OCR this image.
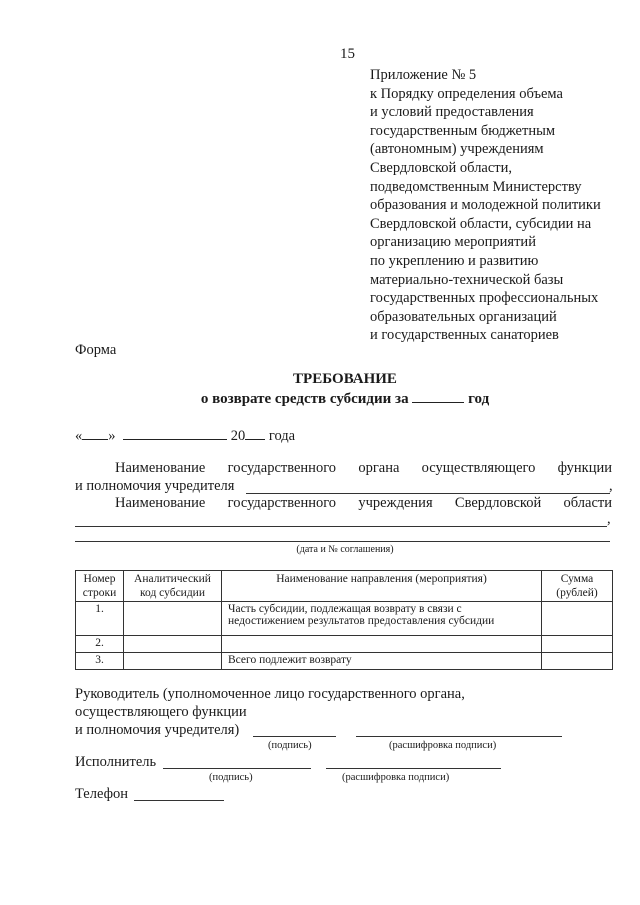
15
Приложение № 5
к Порядку определения объема
и условий предоставления
государственным бюджетным
(автономным) учреждениям
Свердловской области,
подведомственным Министерству
образования и молодежной политики
Свердловской области, субсидии на
организацию мероприятий
по укреплению и развитию
материально-технической базы
государственных профессиональных
образовательных организаций
и государственных санаториев
Форма
ТРЕБОВАНИЕ
о возврате средств субсидии за	год
« »	20 года
Наименование государственного органа осуществляющего функции
и полномочия учредителя	,
Наименование государственного учреждения Свердловской области
,
(дата и № соглашения)
Номер строки	Аналитический код субсидии	Наименование направления (мероприятия)	Сумма (рублей)
1.		Часть субсидии, подлежащая возврату в связи с недостижением результатов предоставления субсидии	
2.			
3.		Всего подлежит возврату	
Руководитель (уполномоченное лицо государственного органа,
осуществляющего функции
и полномочия учредителя)
(подпись)	(расшифровка подписи)
Исполнитель
(подпись)	(расшифровка подписи)
Телефон
